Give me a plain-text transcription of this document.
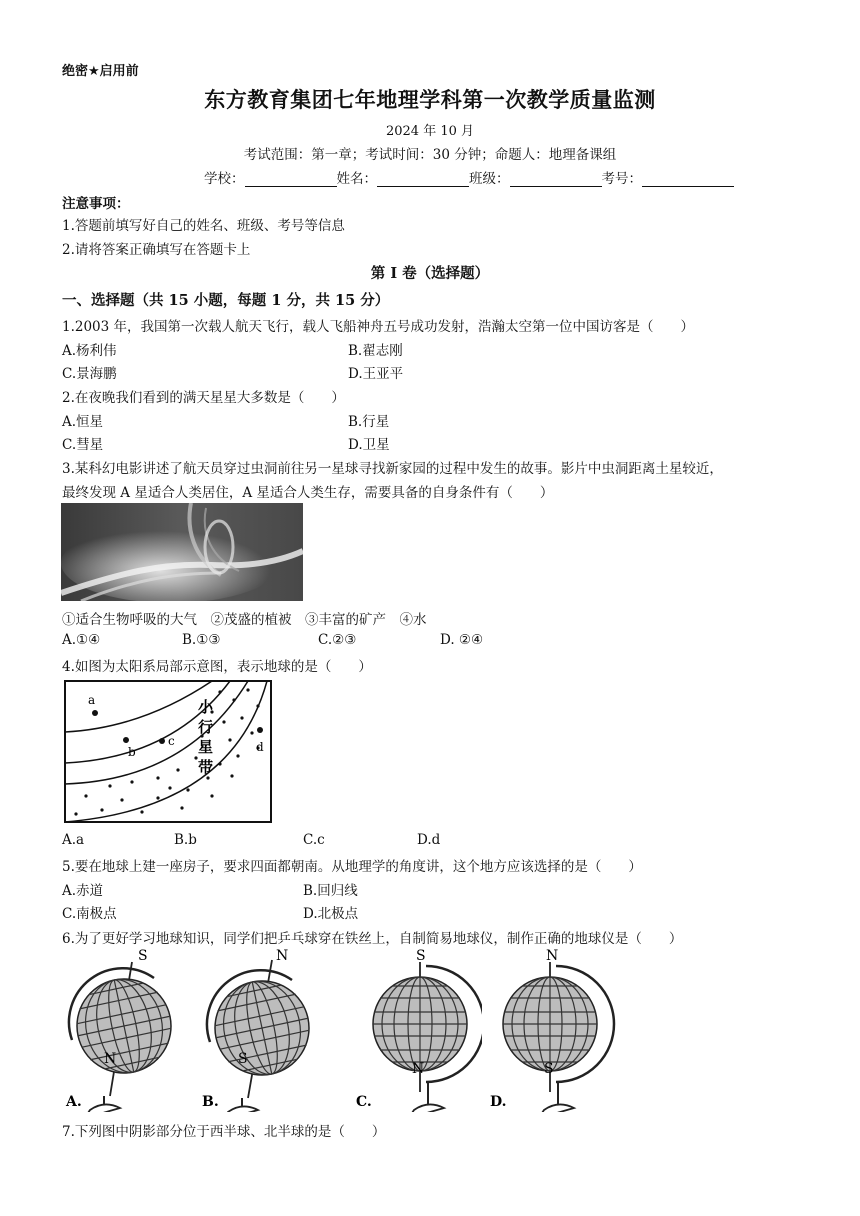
绝密★启用前
东方教育集团七年地理学科第一次教学质量监测
2024 年 10 月
考试范围：第一章；考试时间：30 分钟；命题人：地理备课组
学校：	姓名：	班级：	考号：
注意事项：
1.答题前填写好自己的姓名、班级、考号等信息
2.请将答案正确填写在答题卡上
第 I 卷（选择题）
一、选择题（共 15 小题，每题 1 分，共 15 分）
1.2003 年，我国第一次载人航天飞行，载人飞船神舟五号成功发射，浩瀚太空第一位中国访客是（　　）
A.杨利伟	B.翟志刚
C.景海鹏	D.王亚平
2.在夜晚我们看到的满天星星大多数是（　　）
A.恒星	B.行星
C.彗星	D.卫星
3.某科幻电影讲述了航天员穿过虫洞前往另一星球寻找新家园的过程中发生的故事。影片中虫洞距离土星较近，
最终发现 A 星适合人类居住，A 星适合人类生存，需要具备的自身条件有（　　）
①适合生物呼吸的大气　②茂盛的植被　③丰富的矿产　④水
A.①④	B.①③	C.②③	D. ②④
4.如图为太阳系局部示意图，表示地球的是（　　）
a
b
c	d
小
行
星
带
A.a	B.b	C.c	D.d
5.要在地球上建一座房子，要求四面都朝南。从地理学的角度讲，这个地方应该选择的是（　　）
A.赤道	B.回归线
C.南极点	D.北极点
6.为了更好学习地球知识，同学们把乒乓球穿在铁丝上，自制简易地球仪，制作正确的地球仪是（　　）
S
N
A.
N
S
B.
S
N
C.
N
S
D.
7.下列图中阴影部分位于西半球、北半球的是（　　）
